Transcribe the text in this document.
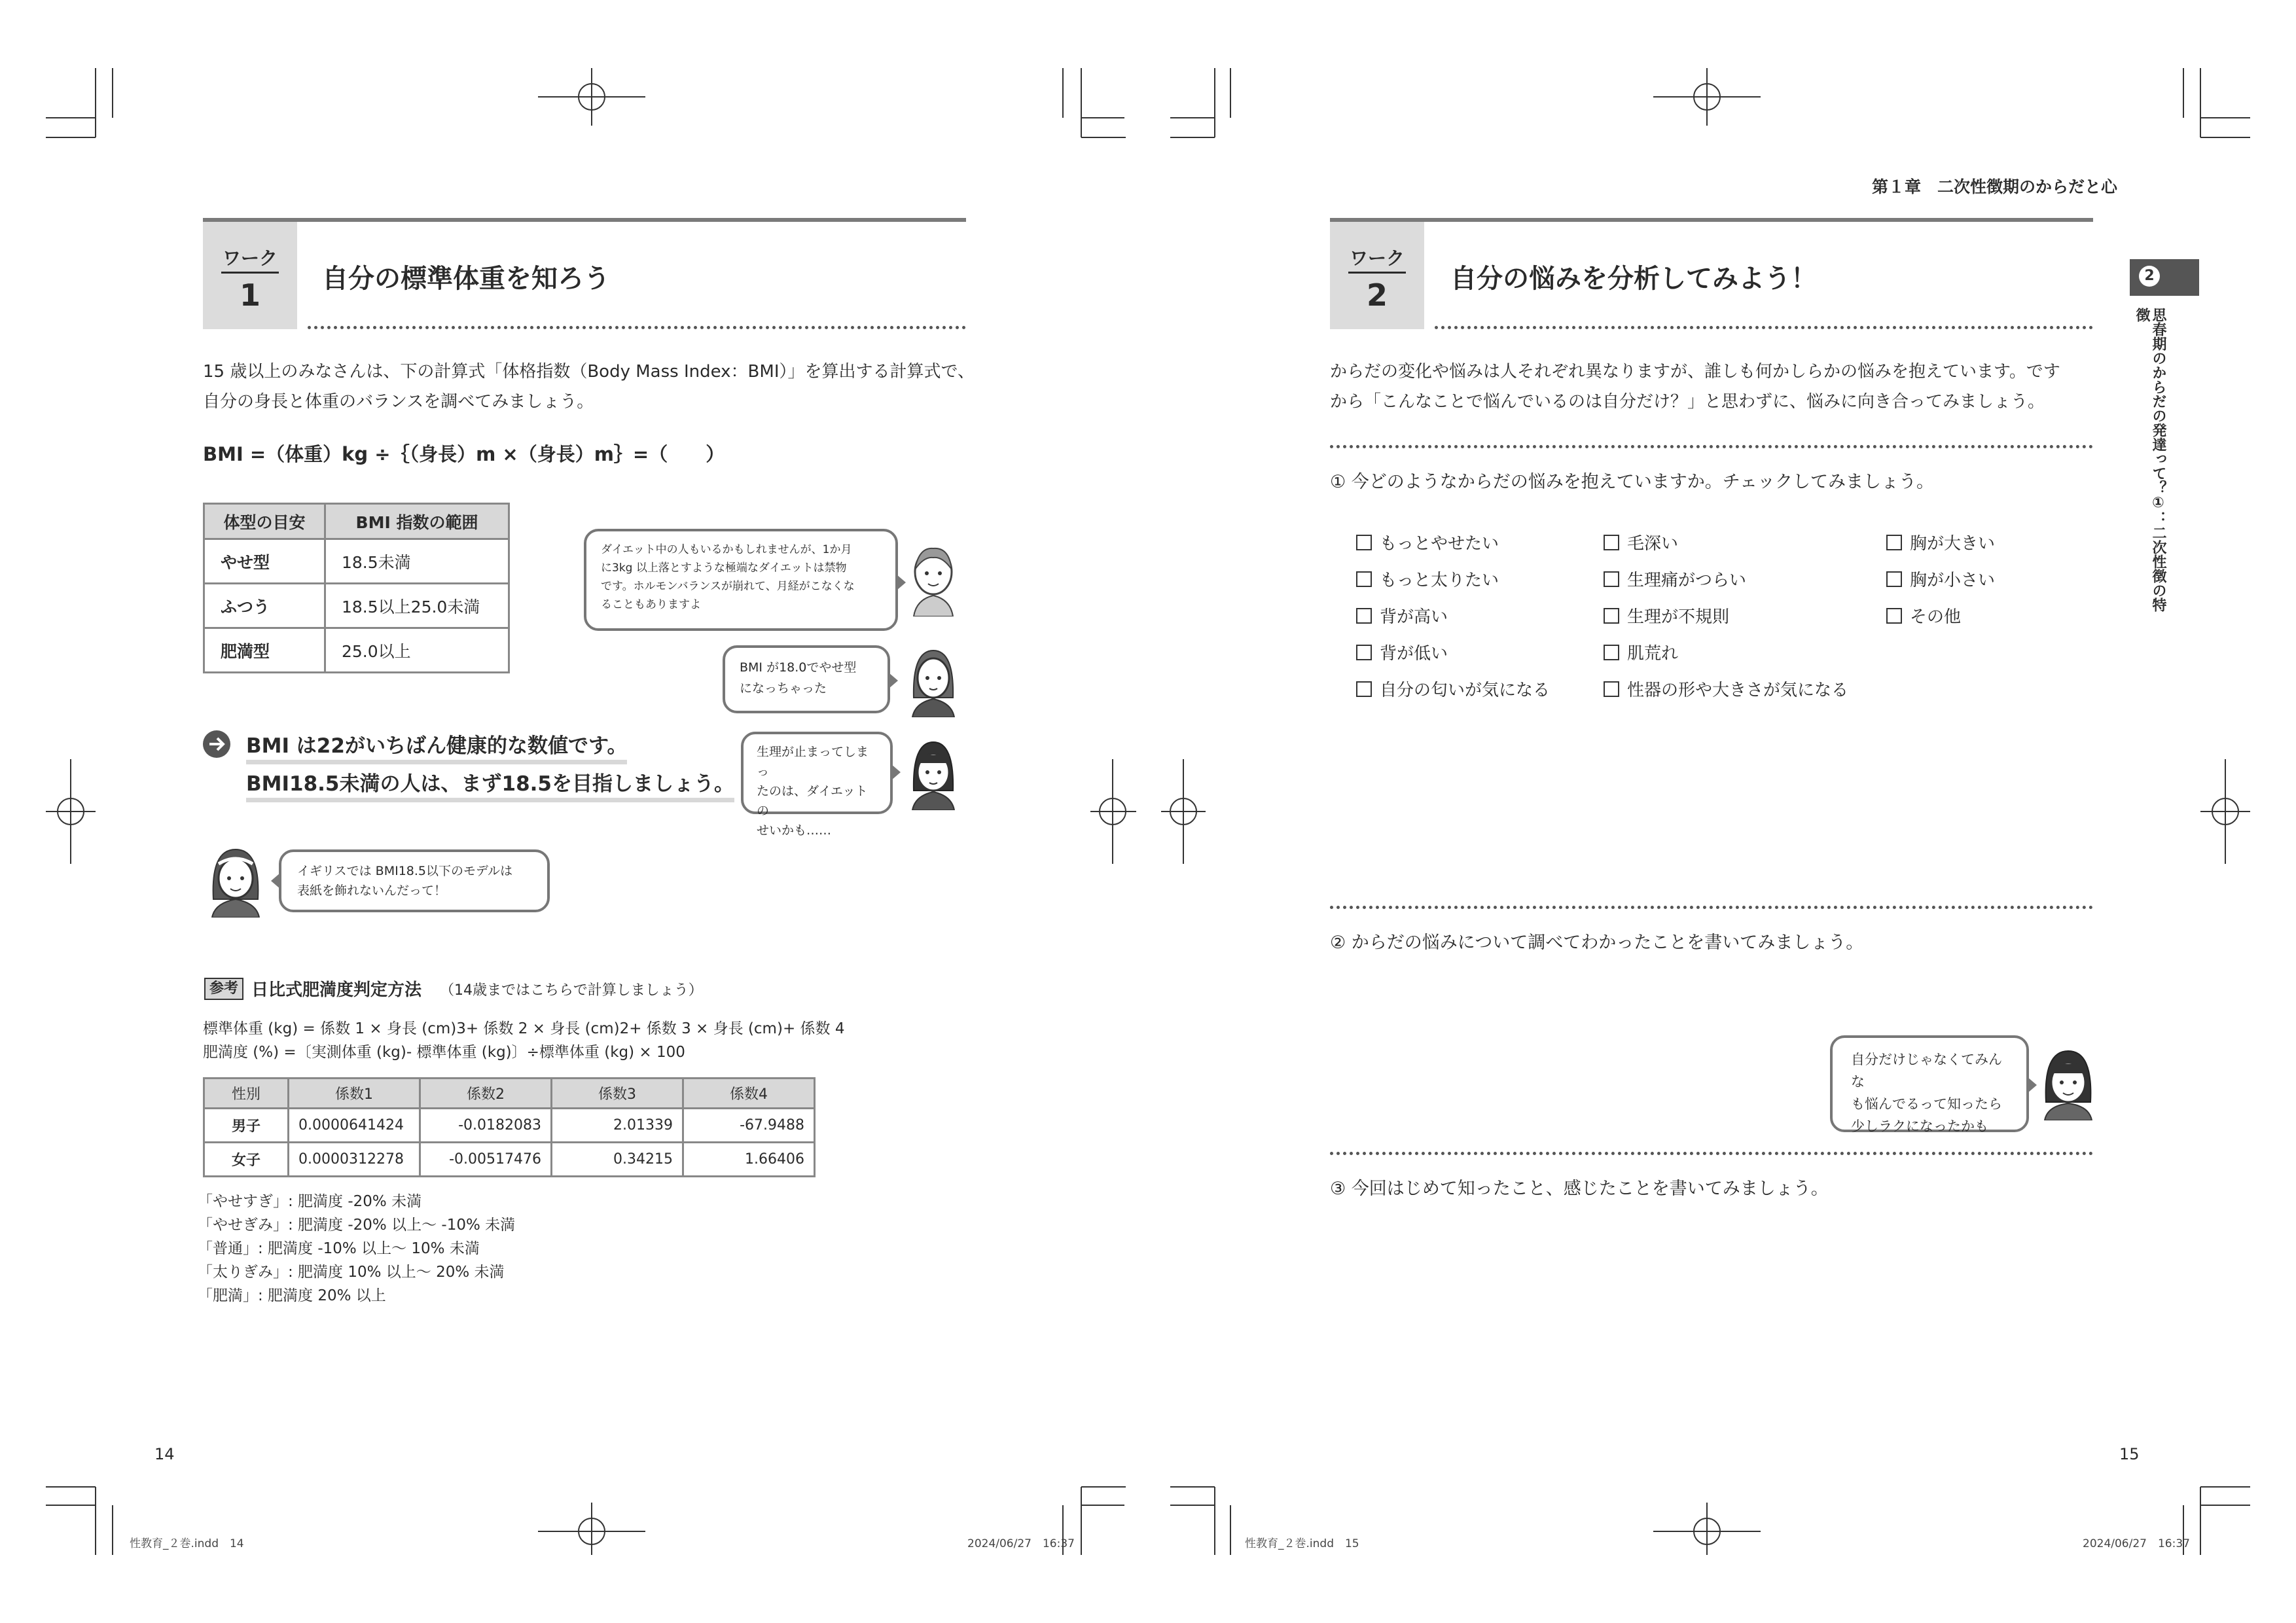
ワーク
1	自分の標準体重を知ろう
15 歳以上のみなさんは、下の計算式「体格指数（Body Mass Index：BMI）」を算出する計算式で、
自分の身長と体重のバランスを調べてみましょう。
BMI =（体重）kg ÷｛（身長）m ×（身長）m｝=（　　）
体型の目安	BMI 指数の範囲
やせ型	18.5未満
ふつう	18.5以上25.0未満
肥満型	25.0以上
ダイエット中の人もいるかもしれませんが、1か月
に3kg 以上落とすような極端なダイエットは禁物
です。ホルモンバランスが崩れて、月経がこなくな
ることもありますよ
BMI が18.0でやせ型
になっちゃった
生理が止まってしまっ
たのは、ダイエットの
せいかも……
BMI は22がいちばん健康的な数値です。
BMI18.5未満の人は、まず18.5を目指しましょう。
イギリスでは BMI18.5以下のモデルは
表紙を飾れないんだって！
参考 日比式肥満度判定方法 （14歳まではこちらで計算しましょう）
標準体重 (kg) = 係数 1 × 身長 (cm)3+ 係数 2 × 身長 (cm)2+ 係数 3 × 身長 (cm)+ 係数 4
肥満度 (%) =〔実測体重 (kg)- 標準体重 (kg)〕÷標準体重 (kg) × 100
性別	係数1	係数2	係数3	係数4
男子	0.0000641424	-0.0182083	2.01339	-67.9488
女子	0.0000312278	-0.00517476	0.34215	1.66406
「やせすぎ」: 肥満度 -20% 未満
「やせぎみ」: 肥満度 -20% 以上～ -10% 未満
「普通」: 肥満度 -10% 以上～ 10% 未満
「太りぎみ」: 肥満度 10% 以上～ 20% 未満
「肥満」: 肥満度 20% 以上
14
性教育_２巻.indd　14	2024/06/27　16:37
第１章　二次性徴期のからだと心
2
思春期のからだの発達って？①：二次性徴の特徴
ワーク
2	自分の悩みを分析してみよう！
からだの変化や悩みは人それぞれ異なりますが、誰しも何かしらかの悩みを抱えています。です
から「こんなことで悩んでいるのは自分だけ？」と思わずに、悩みに向き合ってみましょう。
① 今どのようなからだの悩みを抱えていますか。チェックしてみましょう。
もっとやせたい
もっと太りたい
背が高い
背が低い
自分の匂いが気になる
毛深い
生理痛がつらい
生理が不規則
肌荒れ
性器の形や大きさが気になる
胸が大きい
胸が小さい
その他
② からだの悩みについて調べてわかったことを書いてみましょう。
自分だけじゃなくてみんな
も悩んでるって知ったら
少しラクになったかも
③ 今回はじめて知ったこと、感じたことを書いてみましょう。
15
性教育_２巻.indd　15	2024/06/27　16:37
